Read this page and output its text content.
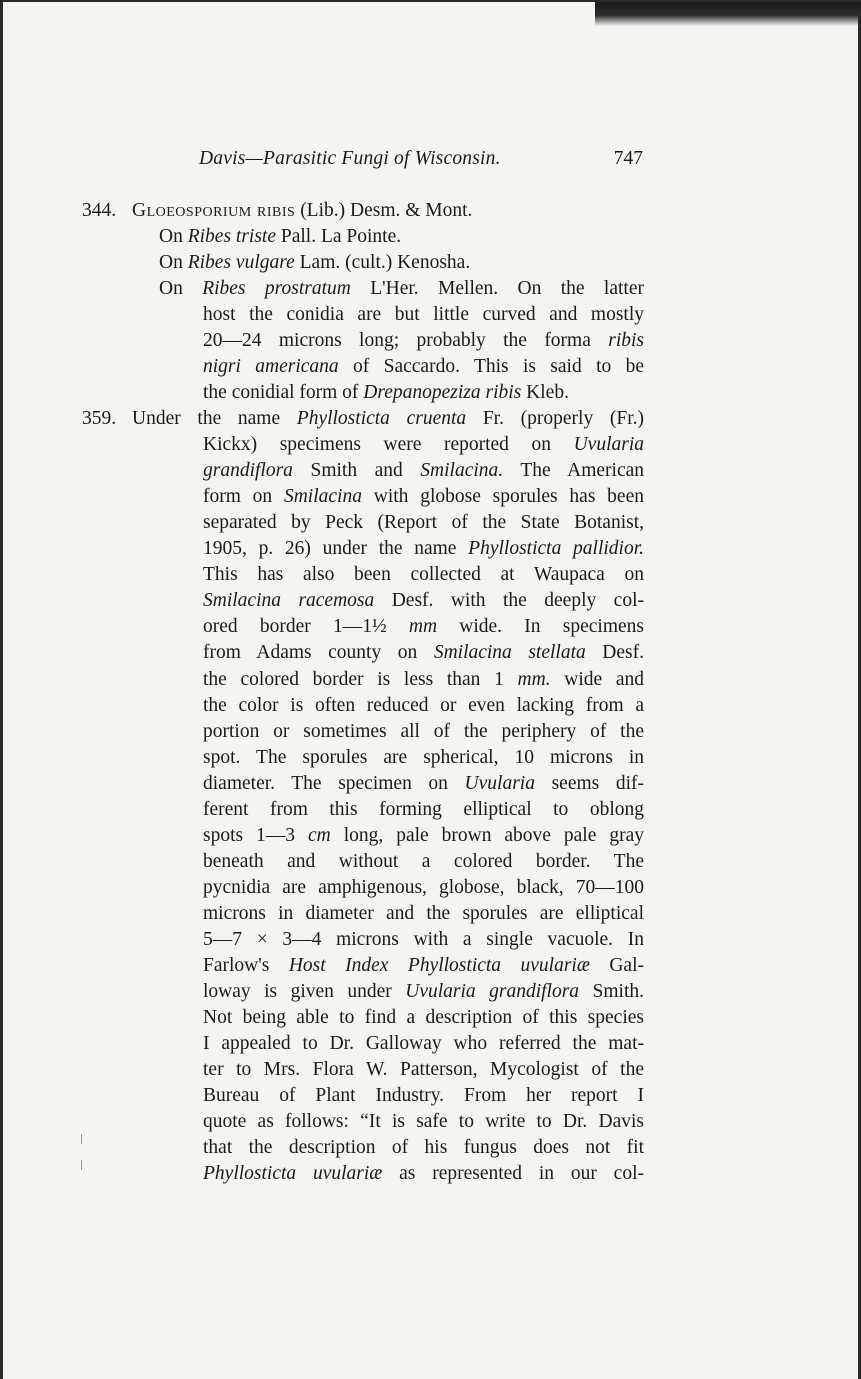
Davis—Parasitic Fungi of Wisconsin.	747
344. Gloeosporium ribis (Lib.) Desm. & Mont.
On Ribes triste Pall. La Pointe.
On Ribes vulgare Lam. (cult.) Kenosha.
On Ribes prostratum L'Her. Mellen. On the latter
host the conidia are but little curved and mostly
20—24 microns long; probably the forma ribis
nigri americana of Saccardo. This is said to be
the conidial form of Drepanopeziza ribis Kleb.
359. Under the name Phyllosticta cruenta Fr. (properly (Fr.)
Kickx) specimens were reported on Uvularia
grandiflora Smith and Smilacina. The American
form on Smilacina with globose sporules has been
separated by Peck (Report of the State Botanist,
1905, p. 26) under the name Phyllosticta pallidior.
This has also been collected at Waupaca on
Smilacina racemosa Desf. with the deeply col-
ored border 1—1½ mm wide. In specimens
from Adams county on Smilacina stellata Desf.
the colored border is less than 1 mm. wide and
the color is often reduced or even lacking from a
portion or sometimes all of the periphery of the
spot. The sporules are spherical, 10 microns in
diameter. The specimen on Uvularia seems dif-
ferent from this forming elliptical to oblong
spots 1—3 cm long, pale brown above pale gray
beneath and without a colored border. The
pycnidia are amphigenous, globose, black, 70—100
microns in diameter and the sporules are elliptical
5—7 × 3—4 microns with a single vacuole. In
Farlow's Host Index Phyllosticta uvulariæ Gal-
loway is given under Uvularia grandiflora Smith.
Not being able to find a description of this species
I appealed to Dr. Galloway who referred the mat-
ter to Mrs. Flora W. Patterson, Mycologist of the
Bureau of Plant Industry. From her report I
quote as follows: “It is safe to write to Dr. Davis
that the description of his fungus does not fit
Phyllosticta uvulariæ as represented in our col-
